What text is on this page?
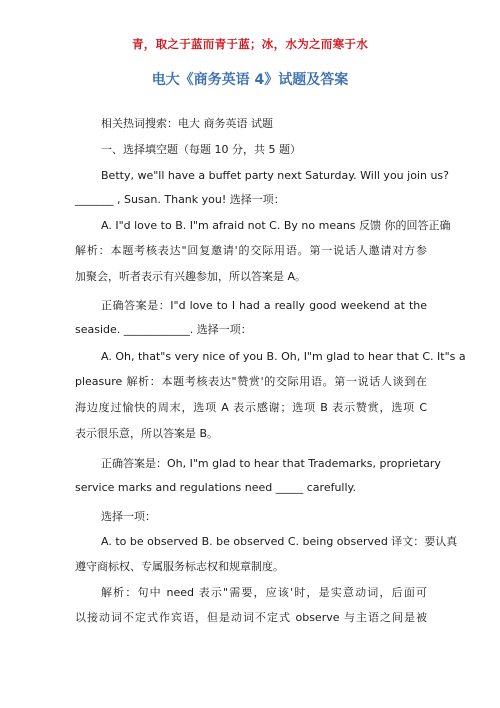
青，取之于蓝而青于蓝；冰，水为之而寒于水
电大《商务英语 4》试题及答案
相关热词搜索：电大 商务英语 试题
一、选择填空题（每题 10 分，共 5 题）
Betty, we"ll have a buffet party next Saturday. Will you join us?
_______ , Susan. Thank you! 选择一项：
A. I"d love to B. I"m afraid not C. By no means 反馈 你的回答正确
解析：本题考核表达"回复邀请'的交际用语。第一说话人邀请对方参
加聚会，听者表示有兴趣参加，所以答案是 A。
正确答案是：I"d love to I had a really good weekend at the
seaside. ____________. 选择一项：
A. Oh, that"s very nice of you B. Oh, I"m glad to hear that C. It"s a
pleasure 解析：本题考核表达"赞赏'的交际用语。第一说话人谈到在
海边度过愉快的周末，选项 A 表示感谢；选项 B 表示赞赏，选项 C
表示很乐意，所以答案是 B。
正确答案是：Oh, I"m glad to hear that Trademarks, proprietary
service marks and regulations need _____ carefully.
选择一项：
A. to be observed B. be observed C. being observed 译文：要认真
遵守商标权、专属服务标志权和规章制度。
解析：句中 need 表示"需要，应该'时，是实意动词，后面可
以接动词不定式作宾语，但是动词不定式 observe 与主语之间是被
